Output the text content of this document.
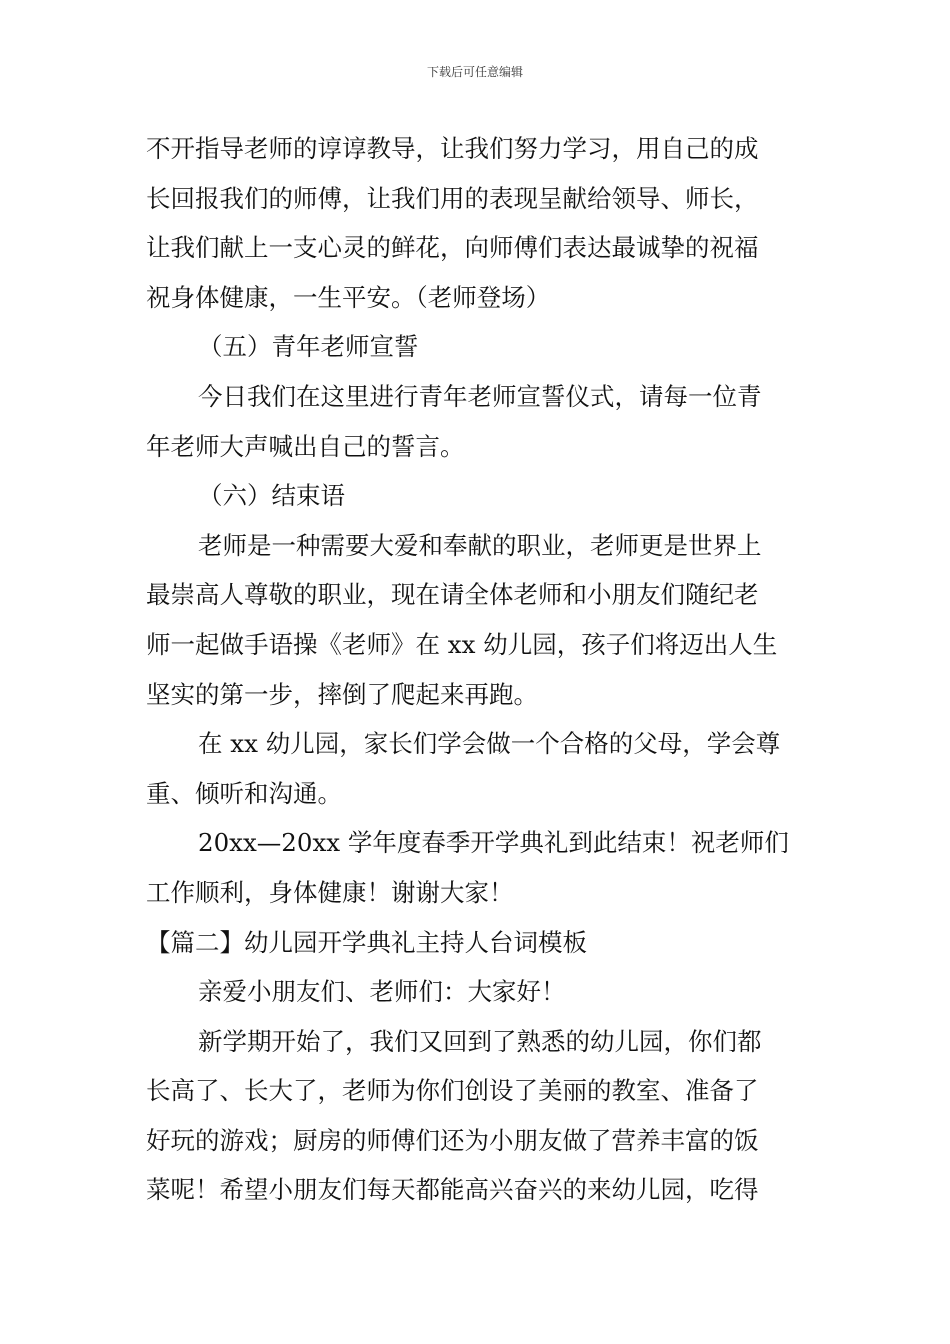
下载后可任意编辑
不开指导老师的谆谆教导，让我们努力学习，用自己的成
长回报我们的师傅，让我们用的表现呈献给领导、师长，
让我们献上一支心灵的鲜花，向师傅们表达最诚挚的祝福
祝身体健康，一生平安。（老师登场）
（五）青年老师宣誓
今日我们在这里进行青年老师宣誓仪式，请每一位青
年老师大声喊出自己的誓言。
（六）结束语
老师是一种需要大爱和奉献的职业，老师更是世界上
最崇高人尊敬的职业，现在请全体老师和小朋友们随纪老
师一起做手语操《老师》在 xx 幼儿园，孩子们将迈出人生
坚实的第一步，摔倒了爬起来再跑。
在 xx 幼儿园，家长们学会做一个合格的父母，学会尊
重、倾听和沟通。
20xx—20xx 学年度春季开学典礼到此结束！祝老师们
工作顺利，身体健康！谢谢大家！
【篇二】幼儿园开学典礼主持人台词模板
亲爱小朋友们、老师们：大家好！
新学期开始了，我们又回到了熟悉的幼儿园，你们都
长高了、长大了，老师为你们创设了美丽的教室、准备了
好玩的游戏；厨房的师傅们还为小朋友做了营养丰富的饭
菜呢！希望小朋友们每天都能高兴奋兴的来幼儿园，吃得
